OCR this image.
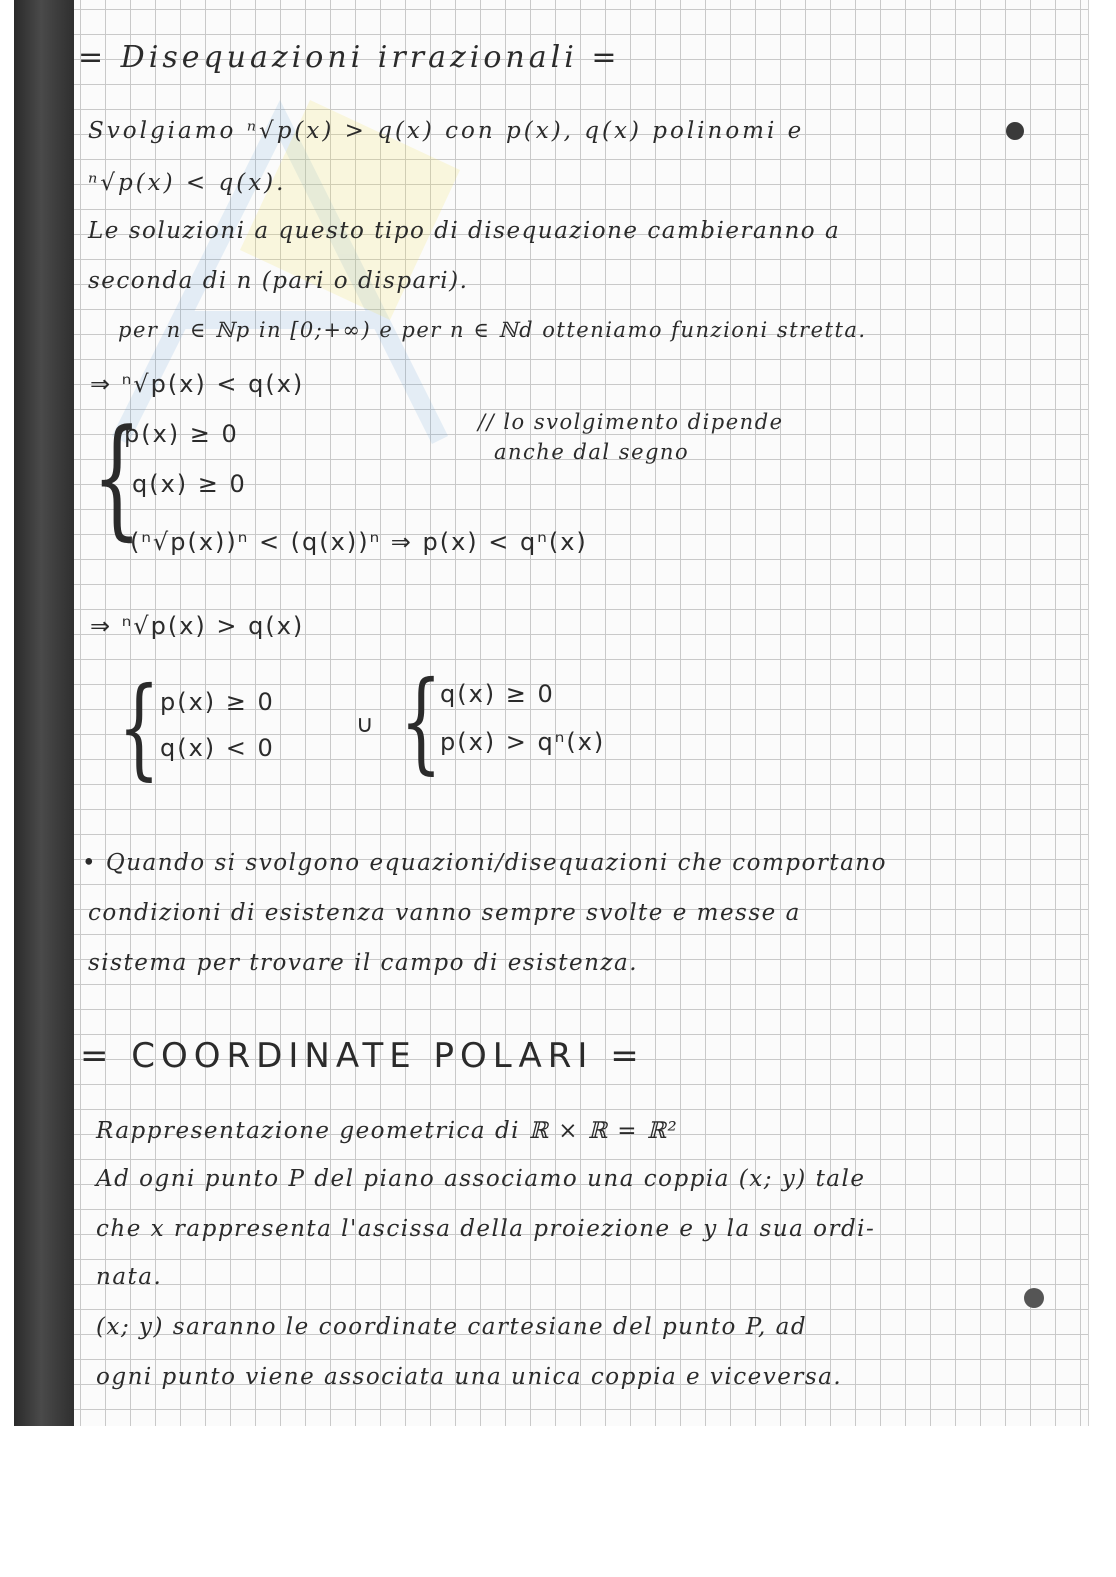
= Disequazioni irrazionali =
Svolgiamo ⁿ√p(x) > q(x) con p(x), q(x) polinomi e
ⁿ√p(x) < q(x).
Le soluzioni a questo tipo di disequazione cambieranno a
seconda di n (pari o dispari).
per n ∈ ℕp in [0;+∞) e per n ∈ ℕd otteniamo funzioni stretta.
⇒ ⁿ√p(x) < q(x)
{
p(x) ≥ 0
q(x) ≥ 0
(ⁿ√p(x))ⁿ < (q(x))ⁿ ⇒ p(x) < qⁿ(x)
// lo svolgimento dipende
anche dal segno
⇒ ⁿ√p(x) > q(x)
{ p(x) ≥ 0
q(x) < 0
∪ {
q(x) ≥ 0
p(x) > qⁿ(x)
• Quando si svolgono equazioni/disequazioni che comportano
condizioni di esistenza vanno sempre svolte e messe a
sistema per trovare il campo di esistenza.
= COORDINATE POLARI =
Rappresentazione geometrica di ℝ × ℝ = ℝ²
Ad ogni punto P del piano associamo una coppia (x; y) tale
che x rappresenta l'ascissa della proiezione e y la sua ordi-
nata.
(x; y) saranno le coordinate cartesiane del punto P, ad
ogni punto viene associata una unica coppia e viceversa.
